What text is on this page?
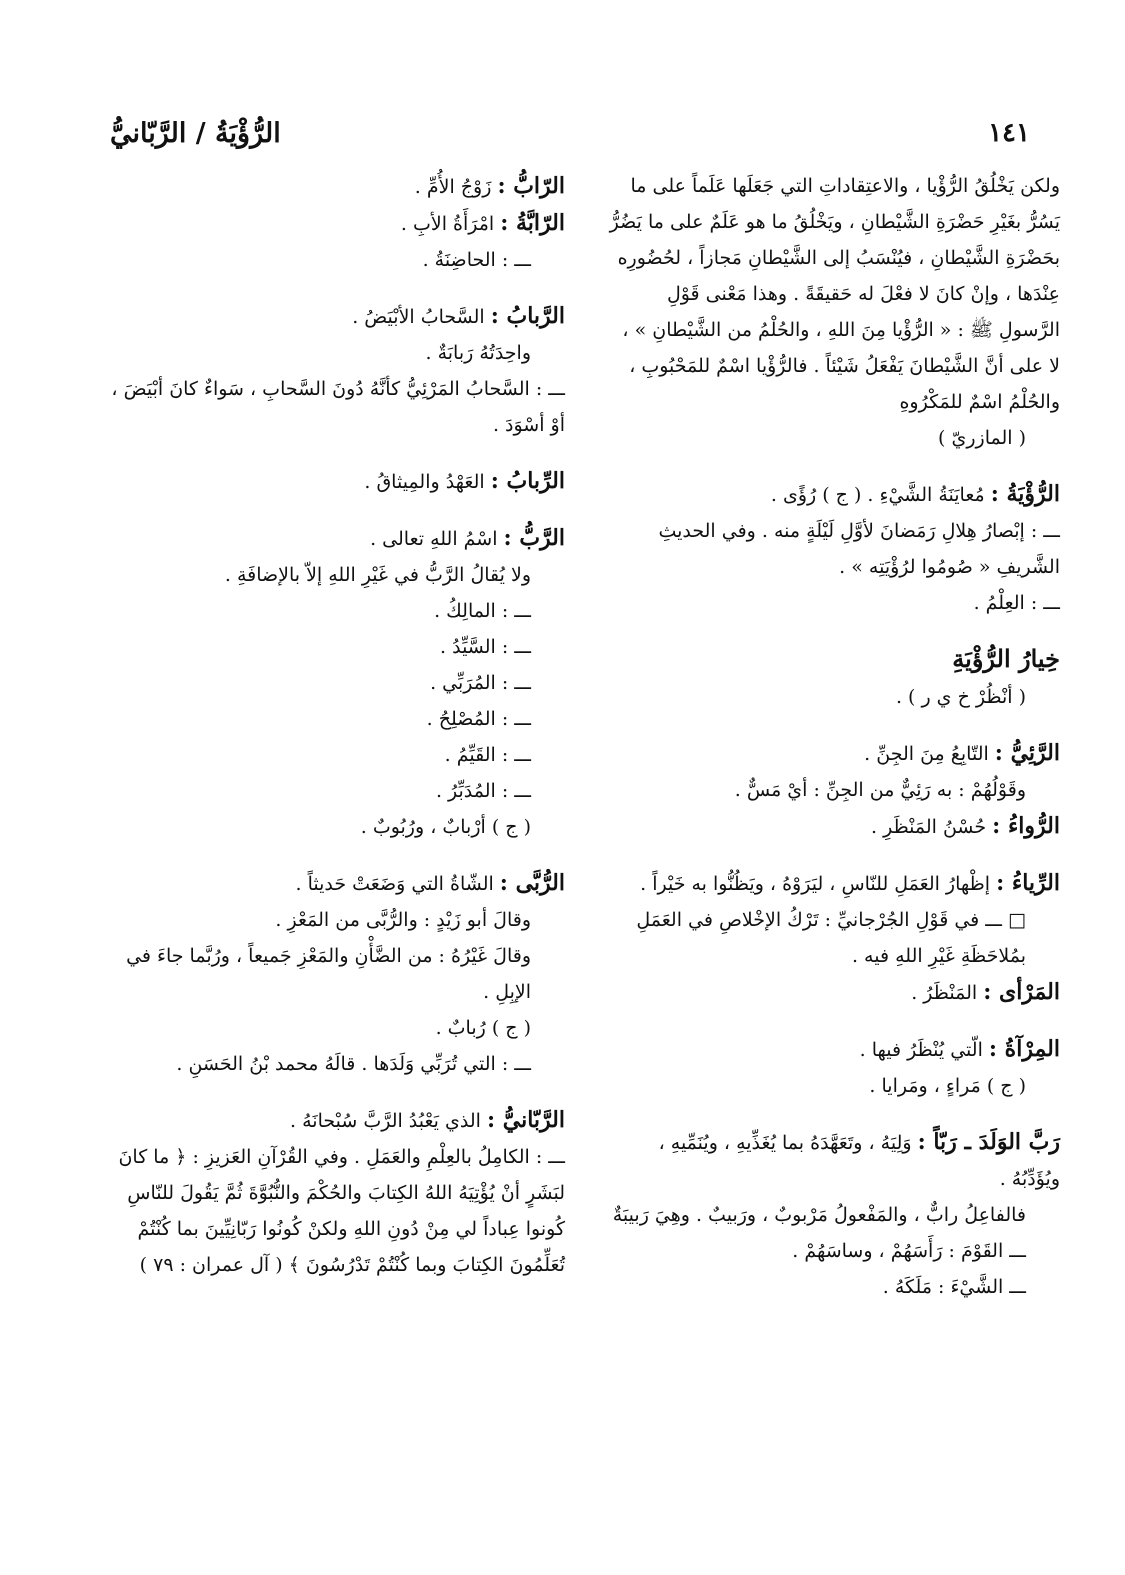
الرُّؤْيَةُ / الرَّبّانيُّ	١٤١

ولكن يَخْلُقُ الرُّؤْيا ، والاعتِقاداتِ التي جَعَلَها عَلَماً على ما يَسُرُّ بغَيْرِ حَضْرَةِ الشَّيْطانِ ، ويَخْلُقُ ما هو عَلَمٌ على ما يَضُرُّ بحَضْرَةِ الشَّيْطانِ ، فيُنْسَبُ إلى الشَّيْطانِ مَجازاً ، لحُضُورِه عِنْدَها ، وإنْ كانَ لا فعْلَ له حَقيقَةً . وهذا مَعْنى قَوْلِ الرَّسولِ ﷺ : « الرُّؤْيا مِنَ اللهِ ، والحُلْمُ من الشَّيْطانِ » ، لا على أنَّ الشَّيْطانَ يَفْعَلُ شَيْئاً . فالرُّؤْيا اسْمٌ للمَحْبُوبِ ، والحُلْمُ اسْمٌ للمَكْرُوهِ

( المازريّ )

الرُّؤْيَةُ : مُعايَنَةُ الشَّيْءِ . ( ج ) رُؤًى .

ـــ : إبْصارُ هِلالِ رَمَضانَ لأوَّلِ لَيْلَةٍ منه . وفي الحديثِ الشَّريفِ « صُومُوا لرُؤْيَتِه » .

ـــ : العِلْمُ .

خِيارُ الرُّؤْيَةِ

( أنْظُرْ خ ي ر ) .

الرَّئِيُّ : التّابِعُ مِنَ الجِنِّ .

وقَوْلُهُمْ : به رَئِيٌّ من الجِنِّ : أيْ مَسٌّ .

الرُّواءُ : حُسْنُ المَنْظَرِ .

الرِّياءُ : إظْهارُ العَمَلِ للنّاسِ ، ليَرَوْهُ ، ويَظُنُّوا به خَيْراً .

□ ـــ في قَوْلِ الجُرْجانيِّ : تَرْكُ الإخْلاصِ في العَمَلِ بمُلاحَظَةِ غَيْرِ اللهِ فيه .

المَرْأى : المَنْظَرُ .

المِرْآةُ : الّتي يُنْظَرُ فيها .

( ج ) مَراءٍ ، ومَرايا .

رَبَّ الوَلَدَ ـ رَبّاً : وَلِيَهُ ، وتَعَهَّدَهُ بما يُغَذِّيهِ ، ويُنَمِّيهِ ، ويُؤَدِّبُهُ .

فالفاعِلُ رابٌّ ، والمَفْعولُ مَرْبوبٌ ، ورَبيبٌ . وهِيَ رَبيبَةٌ

ـــ القَوْمَ : رَأَسَهُمْ ، وساسَهُمْ .

ـــ الشَّيْءَ : مَلَكَهُ .

الرّابُّ : زَوْجُ الأُمِّ .

الرّابَّةُ : امْرَأَةُ الأبِ .

ـــ : الحاضِنَةُ .

الرَّبابُ : السَّحابُ الأبْيَضُ .

واحِدَتُهُ رَبابَةٌ .

ـــ : السَّحابُ المَرْئِيُّ كأنَّهُ دُونَ السَّحابِ ، سَواءٌ كانَ أبْيَضَ ، أوْ أسْوَدَ .

الرِّبابُ : العَهْدُ والمِيثاقُ .

الرَّبُّ : اسْمُ اللهِ تعالى .

ولا يُقالُ الرَّبُّ في غَيْرِ اللهِ إلاّ بالإضافَةِ .

ـــ : المالِكُ .

ـــ : السَّيِّدُ .

ـــ : المُرَبِّي .

ـــ : المُصْلِحُ .

ـــ : القَيِّمُ .

ـــ : المُدَبِّرُ .

( ج ) أرْبابٌ ، ورُبُوبٌ .

الرُّبَّى : الشّاةُ التي وَضَعَتْ حَديثاً .

وقالَ أبو زَيْدٍ : والرُّبَّى من المَعْزِ .

وقالَ غَيْرُهُ : من الضَّأْنِ والمَعْزِ جَميعاً ، ورُبَّما جاءَ في الإبِلِ .

( ج ) رُبابٌ .

ـــ : التي تُرَبِّي وَلَدَها . قالَهُ محمد بْنُ الحَسَنِ .

الرَّبّانيُّ : الذي يَعْبُدُ الرَّبَّ سُبْحانَهُ .

ـــ : الكامِلُ بالعِلْمِ والعَمَلِ . وفي القُرْآنِ العَزيزِ : ﴿ ما كانَ لبَشَرٍ أنْ يُؤْتِيَهُ اللهُ الكِتابَ والحُكْمَ والنُّبُوَّةَ ثُمَّ يَقُولَ للنّاسِ كُونوا عِباداً لي مِنْ دُونِ اللهِ ولكنْ كُونُوا رَبّانِيِّينَ بما كُنْتُمْ تُعَلِّمُونَ الكِتابَ وبما كُنْتُمْ تَدْرُسُونَ ﴾ ( آل عمران : ٧٩ )
